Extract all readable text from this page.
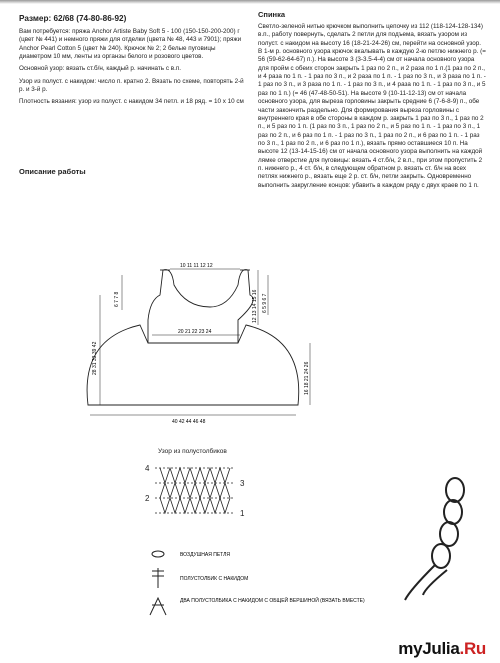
Размер: 62/68 (74-80-86-92)
Вам потребуется: пряжа Anchor Artiste Baby Soft 5 - 100 (150-150-200-200) г (цвет № 441) и немного пряжи для отделки (цвета № 48, 443 и 7901); пряжи Anchor Pearl Cotton 5 (цвет № 240). Крючок № 2; 2 белые пуговицы диаметром 10 мм, ленты из органзы белого и розового цветов.
Основной узор: вязать ст.б/н, каждый р. начинать с в.п.
Узор из полуст. с накидом: число п. кратно 2. Вязать по схеме, повторять 2-й р. и 3-й р.
Плотность вязания: узор из полуст. с накидом 34 петл. и 18 ряд. = 10 х 10 см
Описание работы
Спинка
Светло-зеленой нитью крючком выполнить цепочку из 112 (118-124-128-134) в.п., работу повернуть, сделать 2 петли для подъема, вязать узором из полуст. с накидом на высоту 16 (18-21-24-26) см, перейти на основной узор. В 1-м р. основного узора крючок вкалывать в каждую 2-ю петлю нижнего р. (= 56 (59-62-64-67) п.). На высоте 3 (3-3.5-4-4) см от начала основного узора для пройм с обеих сторон закрыть 1 раз по 2 п., и 2 раза по 1 п.(1 раз по 2 п., и 4 раза по 1 п. - 1 раз по 3 п., и 2 раза по 1 п. - 1 раз по 3 п., и 3 раза по 1 п. - 1 раз по 3 п., и 3 раза по 1 п. - 1 раз по 3 п., и 4 раза по 1 п. - 1 раз по 3 п., и 5 раз по 1 п.) (= 46 (47-48-50-51). На высоте 9 (10-11-12-13) см от начала основного узора, для выреза горловины закрыть средние 6 (7-6-8-9) п., обе части закончить раздельно. Для формирования выреза горловины с внутреннего края в обе стороны в каждом р. закрыть 1 раз по 3 п., 1 раз по 2 п., и 5 раз по 1 п. (1 раз по 3 п., 1 раз по 2 п., и 5 раз по 1 п. - 1 раз по 3 п., 1 раз по 2 п., и 6 раз по 1 п. - 1 раз по 3 п., 1 раз по 2 п., и 6 раз по 1 п. - 1 раз по 3 п., 1 раз по 2 п., и 6 раз по 1 п.), вязать прямо оставшиеся 10 п. На высоте 12 (13-14-15-16) см от начала основного узора выполнить на каждой лямке отверстие для пуговицы: вязать 4 ст.б/н, 2 в.п., при этом пропустить 2 п. нижнего р., 4 ст. б/н, в следующем обратном р. вязать ст. б/н на всех петлях нижнего р., вязать еще 2 р. ст. б/н, петли закрыть. Одновременно выполнить закругление концов: убавить в каждом ряду с двух краев по 1 п.
10 11 11 12 12
20 21 22 23 24
40 42 44 46 48
28 31 33 39 42
6 7 7 8	12 13 14 15 16 6 5 9 6 7
16 18 21 24 26
Узор из полустолбиков
4
3
2
1
ВОЗДУШНАЯ ПЕТЛЯ
ПОЛУСТОЛБИК С НАКИДОМ
ДВА ПОЛУСТОЛБИКА С НАКИДОМ С ОБЩЕЙ ВЕРШИНОЙ (ВЯЗАТЬ ВМЕСТЕ)
myJulia.Ru
